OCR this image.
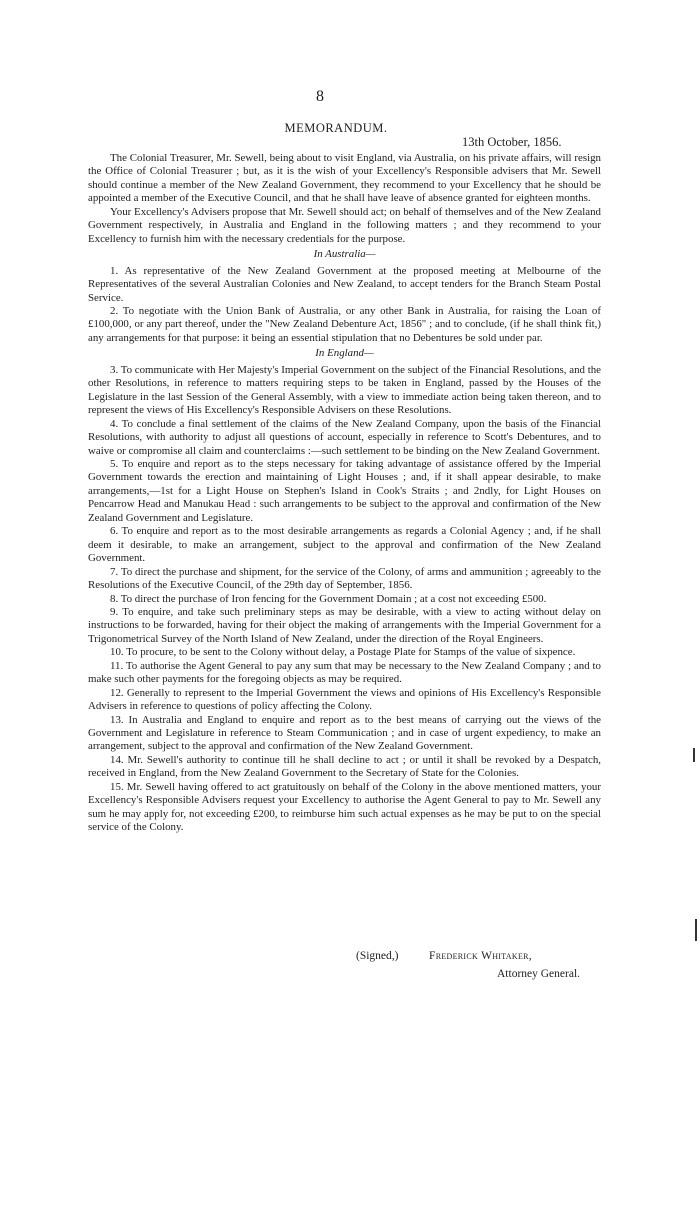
8
MEMORANDUM.
13th October, 1856.

The Colonial Treasurer, Mr. Sewell, being about to visit England, via Australia, on his private affairs, will resign the Office of Colonial Treasurer ; but, as it is the wish of your Excellency's Responsible advisers that Mr. Sewell should continue a member of the New Zealand Government, they recommend to your Excellency that he should be appointed a member of the Executive Council, and that he shall have leave of absence granted for eighteen months.

Your Excellency's Advisers propose that Mr. Sewell should act; on behalf of themselves and of the New Zealand Government respectively, in Australia and England in the following matters ; and they recommend to your Excellency to furnish him with the necessary credentials for the purpose.

In Australia—

1. As representative of the New Zealand Government at the proposed meeting at Melbourne of the Representatives of the several Australian Colonies and New Zealand, to accept tenders for the Branch Steam Postal Service.

2. To negotiate with the Union Bank of Australia, or any other Bank in Australia, for raising the Loan of £100,000, or any part thereof, under the "New Zealand Debenture Act, 1856" ; and to conclude, (if he shall think fit,) any arrangements for that purpose: it being an essential stipulation that no Debentures be sold under par.

In England—

3. To communicate with Her Majesty's Imperial Government on the subject of the Financial Resolutions, and the other Resolutions, in reference to matters requiring steps to be taken in England, passed by the Houses of the Legislature in the last Session of the General Assembly, with a view to immediate action being taken thereon, and to represent the views of His Excellency's Responsible Advisers on these Resolutions.

4. To conclude a final settlement of the claims of the New Zealand Company, upon the basis of the Financial Resolutions, with authority to adjust all questions of account, especially in reference to Scott's Debentures, and to waive or compromise all claim and counterclaims :—such settlement to be binding on the New Zealand Government.

5. To enquire and report as to the steps necessary for taking advantage of assistance offered by the Imperial Government towards the erection and maintaining of Light Houses ; and, if it shall appear desirable, to make arrangements,—1st for a Light House on Stephen's Island in Cook's Straits ; and 2ndly, for Light Houses on Pencarrow Head and Manukau Head : such arrangements to be subject to the approval and confirmation of the New Zealand Government and Legislature.

6. To enquire and report as to the most desirable arrangements as regards a Colonial Agency ; and, if he shall deem it desirable, to make an arrangement, subject to the approval and confirmation of the New Zealand Government.

7. To direct the purchase and shipment, for the service of the Colony, of arms and ammunition ; agreeably to the Resolutions of the Executive Council, of the 29th day of September, 1856.

8. To direct the purchase of Iron fencing for the Government Domain ; at a cost not exceeding £500.

9. To enquire, and take such preliminary steps as may be desirable, with a view to acting without delay on instructions to be forwarded, having for their object the making of arrangements with the Imperial Government for a Trigonometrical Survey of the North Island of New Zealand, under the direction of the Royal Engineers.

10. To procure, to be sent to the Colony without delay, a Postage Plate for Stamps of the value of sixpence.

11. To authorise the Agent General to pay any sum that may be necessary to the New Zealand Company ; and to make such other payments for the foregoing objects as may be required.

12. Generally to represent to the Imperial Government the views and opinions of His Excellency's Responsible Advisers in reference to questions of policy affecting the Colony.

13. In Australia and England to enquire and report as to the best means of carrying out the views of the Government and Legislature in reference to Steam Communication ; and in case of urgent expediency, to make an arrangement, subject to the approval and confirmation of the New Zealand Government.

14. Mr. Sewell's authority to continue till he shall decline to act ; or until it shall be revoked by a Despatch, received in England, from the New Zealand Government to the Secretary of State for the Colonies.

15. Mr. Sewell having offered to act gratuitously on behalf of the Colony in the above mentioned matters, your Excellency's Responsible Advisers request your Excellency to authorise the Agent General to pay to Mr. Sewell any sum he may apply for, not exceeding £200, to reimburse him such actual expenses as he may be put to on the special service of the Colony.

(Signed,)	Frederick Whitaker,
Attorney General.
